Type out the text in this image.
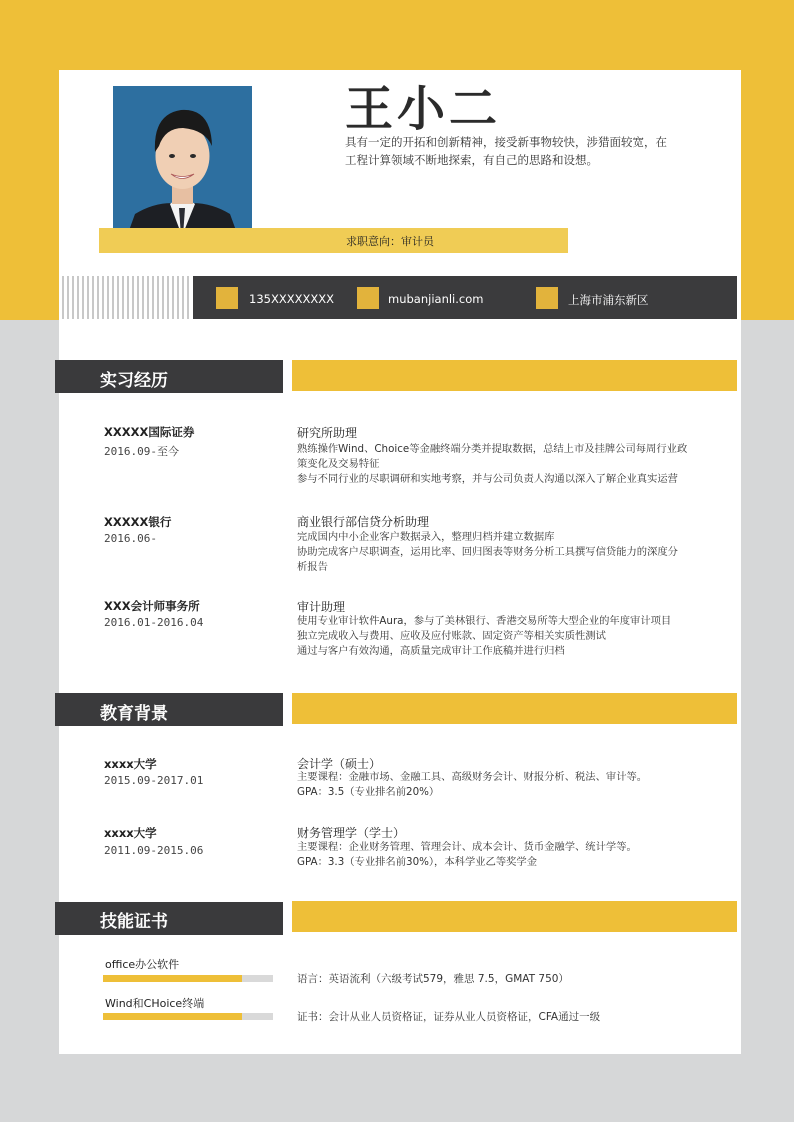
王小二
具有一定的开拓和创新精神，接受新事物较快，涉猎面较宽，在工程计算领域不断地探索，有自己的思路和设想。
求职意向：审计员
135XXXXXXXX	mubanjianli.com	上海市浦东新区
实习经历
XXXXX国际证券
2016.09-至今
研究所助理
熟练操作Wind、Choice等金融终端分类并提取数据，总结上市及挂牌公司每周行业政
策变化及交易特征
参与不同行业的尽职调研和实地考察，并与公司负责人沟通以深入了解企业真实运营
XXXXX银行
2016.06-
商业银行部信贷分析助理
完成国内中小企业客户数据录入，整理归档并建立数据库
协助完成客户尽职调查，运用比率、回归图表等财务分析工具撰写信贷能力的深度分
析报告
XXX会计师事务所
2016.01-2016.04
审计助理
使用专业审计软件Aura，参与了美林银行、香港交易所等大型企业的年度审计项目
独立完成收入与费用、应收及应付账款、固定资产等相关实质性测试
通过与客户有效沟通，高质量完成审计工作底稿并进行归档
教育背景
xxxx大学
2015.09-2017.01
会计学（硕士）
主要课程：金融市场、金融工具、高级财务会计、财报分析、税法、审计等。
GPA：3.5（专业排名前20%）
xxxx大学
2011.09-2015.06
财务管理学（学士）
主要课程：企业财务管理、管理会计、成本会计、货币金融学、统计学等。
GPA：3.3（专业排名前30%），本科学业乙等奖学金
技能证书
office办公软件
Wind和CHoice终端
语言：英语流利（六级考试579，雅思 7.5，GMAT 750）
证书：会计从业人员资格证，证券从业人员资格证，CFA通过一级
